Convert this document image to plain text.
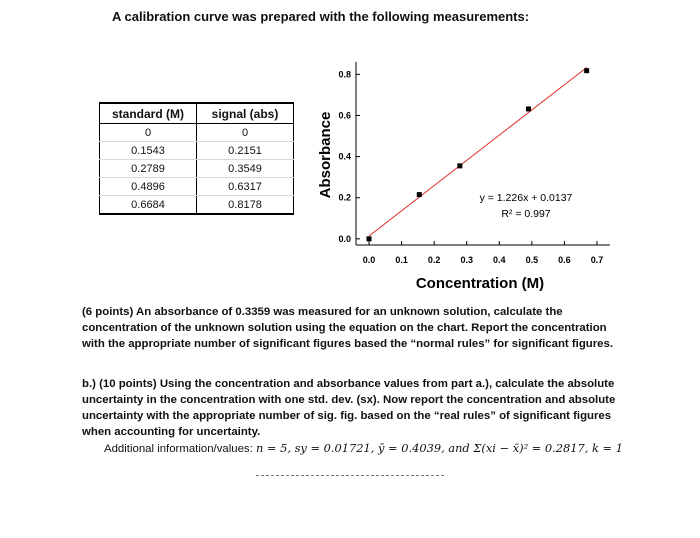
A calibration curve was prepared with the following measurements:
standard (M)	signal (abs)
0	0
0.1543	0.2151
0.2789	0.3549
0.4896	0.6317
0.6684	0.8178
0.0
0.2
0.4
0.6
0.8
0.0 0.1 0.2 0.3 0.4 0.5 0.6 0.7
y = 1.226x + 0.0137
R² = 0.997
Concentration (M)
Absorbance
(6 points) An absorbance of 0.3359 was measured for an unknown solution, calculate the concentration of the unknown solution using the equation on the chart. Report the concentration with the appropriate number of significant figures based the “normal rules” for significant figures.
b.) (10 points) Using the concentration and absorbance values from part a.), calculate the absolute uncertainty in the concentration with one std. dev. (sx). Now report the concentration and absolute uncertainty with the appropriate number of sig. fig. based on the “real rules” of significant figures when accounting for uncertainty.
Additional information/values: n = 5, sy = 0.01721, ȳ = 0.4039, and Σ(xi − x̄)² = 0.2817, k = 1
